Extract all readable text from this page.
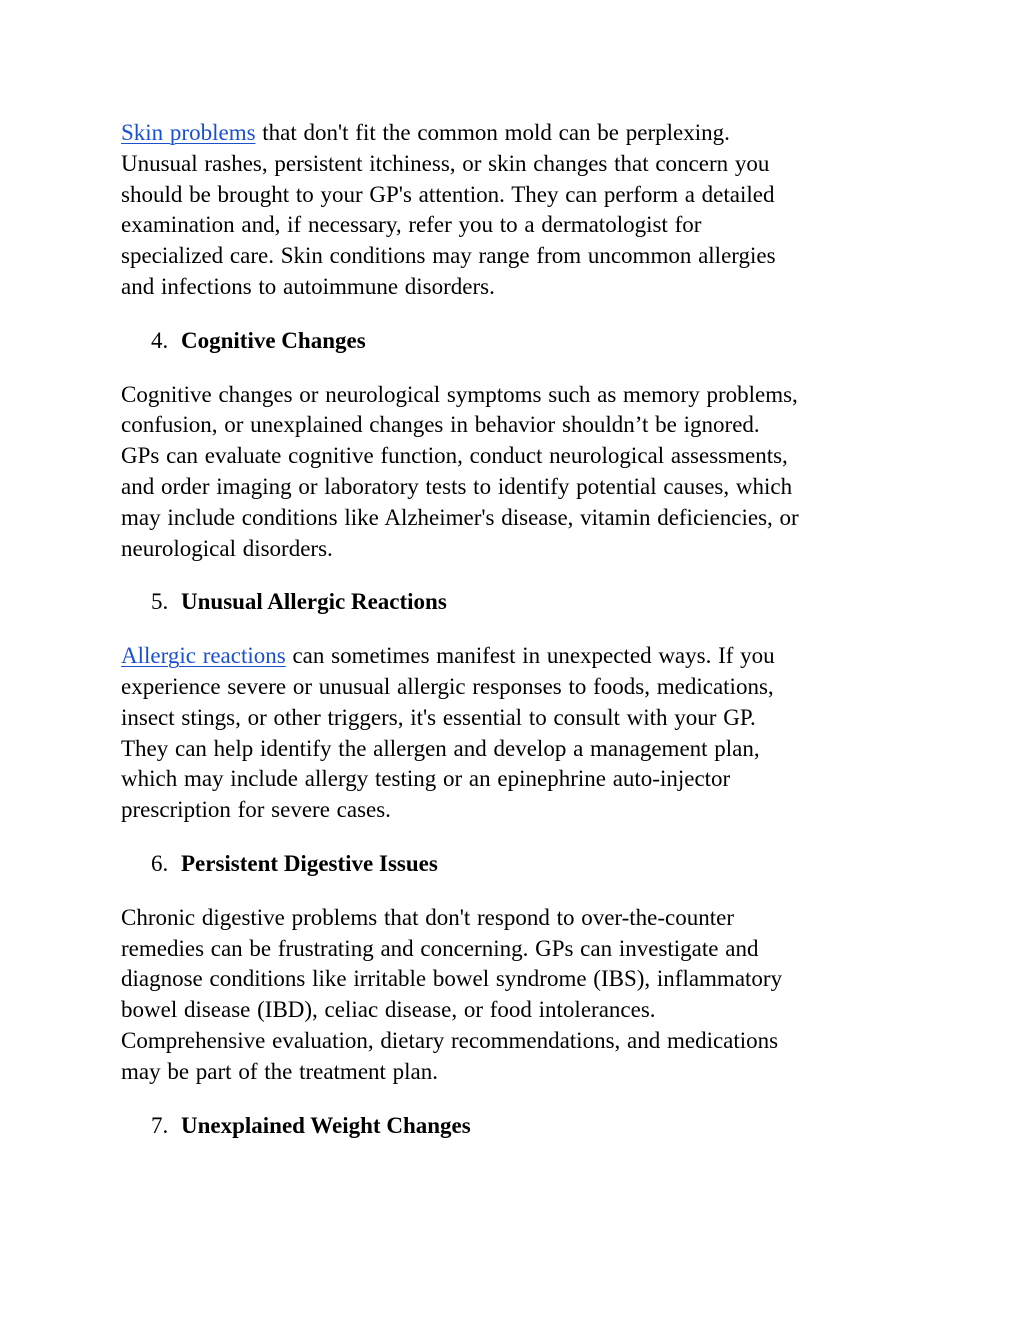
Skin problems that don't fit the common mold can be perplexing.
Unusual rashes, persistent itchiness, or skin changes that concern you
should be brought to your GP's attention. They can perform a detailed
examination and, if necessary, refer you to a dermatologist for
specialized care. Skin conditions may range from uncommon allergies
and infections to autoimmune disorders.

4. Cognitive Changes

Cognitive changes or neurological symptoms such as memory problems,
confusion, or unexplained changes in behavior shouldn’t be ignored.
GPs can evaluate cognitive function, conduct neurological assessments,
and order imaging or laboratory tests to identify potential causes, which
may include conditions like Alzheimer's disease, vitamin deficiencies, or
neurological disorders.

5. Unusual Allergic Reactions

Allergic reactions can sometimes manifest in unexpected ways. If you
experience severe or unusual allergic responses to foods, medications,
insect stings, or other triggers, it's essential to consult with your GP.
They can help identify the allergen and develop a management plan,
which may include allergy testing or an epinephrine auto-injector
prescription for severe cases.

6. Persistent Digestive Issues

Chronic digestive problems that don't respond to over-the-counter
remedies can be frustrating and concerning. GPs can investigate and
diagnose conditions like irritable bowel syndrome (IBS), inflammatory
bowel disease (IBD), celiac disease, or food intolerances.
Comprehensive evaluation, dietary recommendations, and medications
may be part of the treatment plan.

7. Unexplained Weight Changes
